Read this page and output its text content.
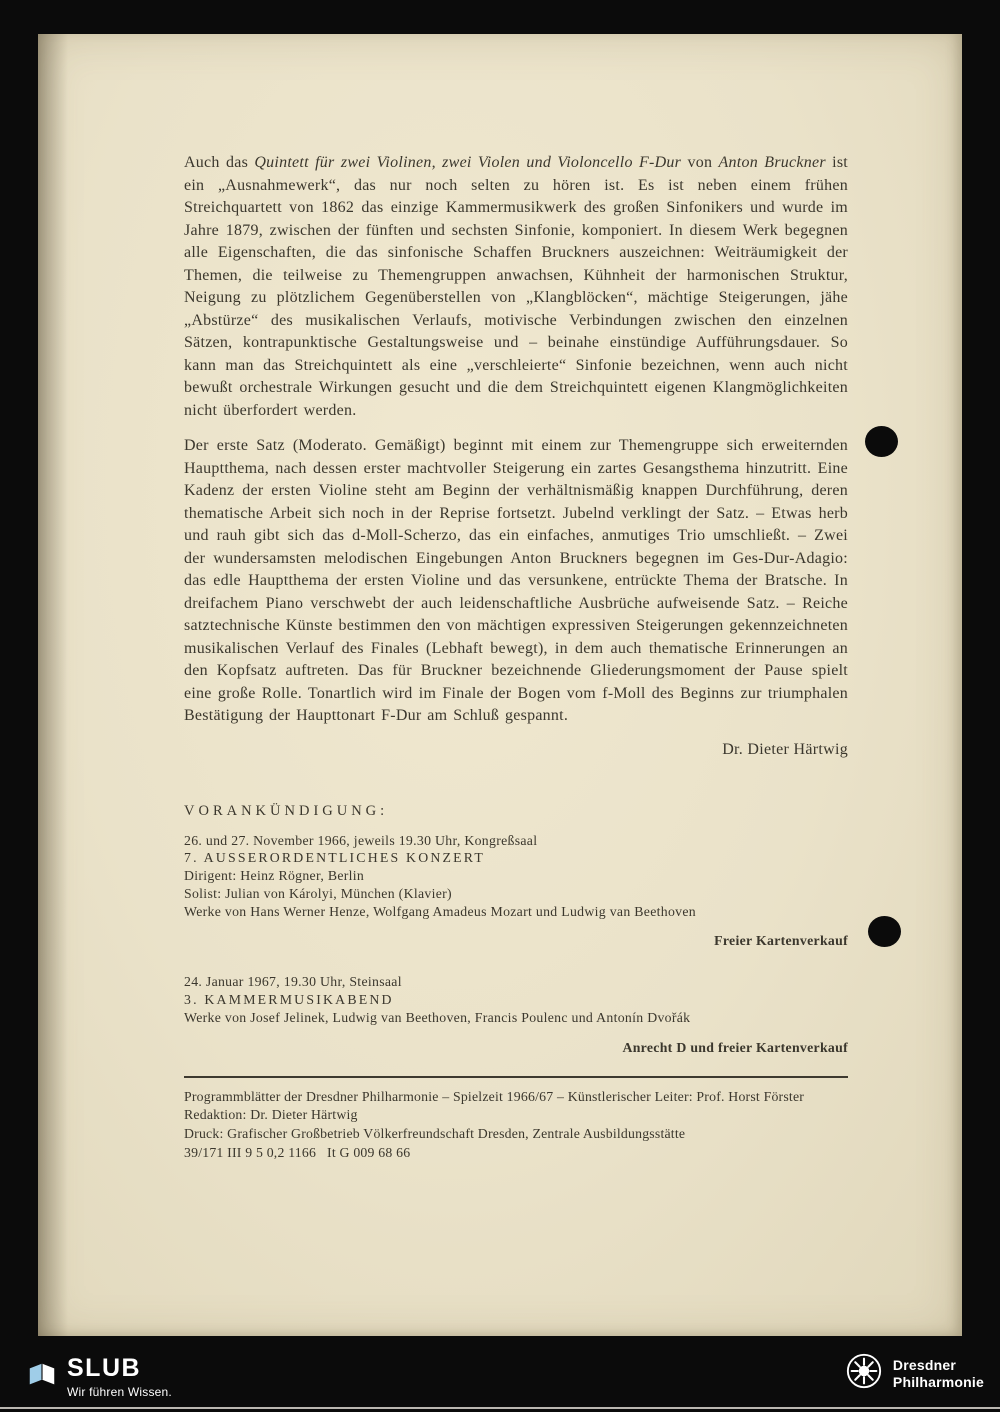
Auch das Quintett für zwei Violinen, zwei Violen und Violoncello F-Dur von Anton Bruckner ist ein „Ausnahmewerk“, das nur noch selten zu hören ist. Es ist neben einem frühen Streichquartett von 1862 das einzige Kammermusikwerk des großen Sinfonikers und wurde im Jahre 1879, zwischen der fünften und sechsten Sinfonie, komponiert. In diesem Werk begegnen alle Eigenschaften, die das sinfonische Schaffen Bruckners auszeichnen: Weiträumigkeit der Themen, die teilweise zu Themengruppen anwachsen, Kühnheit der harmonischen Struktur, Neigung zu plötzlichem Gegenüberstellen von „Klangblöcken“, mächtige Steigerungen, jähe „Abstürze“ des musikalischen Verlaufs, motivische Verbindungen zwischen den einzelnen Sätzen, kontrapunktische Gestaltungsweise und – beinahe einstündige Aufführungsdauer. So kann man das Streichquintett als eine „verschleierte“ Sinfonie bezeichnen, wenn auch nicht bewußt orchestrale Wirkungen gesucht und die dem Streichquintett eigenen Klangmöglichkeiten nicht überfordert werden.

Der erste Satz (Moderato. Gemäßigt) beginnt mit einem zur Themengruppe sich erweiternden Hauptthema, nach dessen erster machtvoller Steigerung ein zartes Gesangsthema hinzutritt. Eine Kadenz der ersten Violine steht am Beginn der verhältnismäßig knappen Durchführung, deren thematische Arbeit sich noch in der Reprise fortsetzt. Jubelnd verklingt der Satz. – Etwas herb und rauh gibt sich das d-Moll-Scherzo, das ein einfaches, anmutiges Trio umschließt. – Zwei der wundersamsten melodischen Eingebungen Anton Bruckners begegnen im Ges-Dur-Adagio: das edle Hauptthema der ersten Violine und das versunkene, entrückte Thema der Bratsche. In dreifachem Piano verschwebt der auch leidenschaftliche Ausbrüche aufweisende Satz. – Reiche satztechnische Künste bestimmen den von mächtigen expressiven Steigerungen gekennzeichneten musikalischen Verlauf des Finales (Lebhaft bewegt), in dem auch thematische Erinnerungen an den Kopfsatz auftreten. Das für Bruckner bezeichnende Gliederungsmoment der Pause spielt eine große Rolle. Tonartlich wird im Finale der Bogen vom f-Moll des Beginns zur triumphalen Bestätigung der Haupttonart F-Dur am Schluß gespannt.

Dr. Dieter Härtwig
VORANKÜNDIGUNG:
26. und 27. November 1966, jeweils 19.30 Uhr, Kongreßsaal
7. AUSSERORDENTLICHES KONZERT
Dirigent: Heinz Rögner, Berlin
Solist: Julian von Károlyi, München (Klavier)
Werke von Hans Werner Henze, Wolfgang Amadeus Mozart und Ludwig van Beethoven
Freier Kartenverkauf
24. Januar 1967, 19.30 Uhr, Steinsaal
3. KAMMERMUSIKABEND
Werke von Josef Jelinek, Ludwig van Beethoven, Francis Poulenc und Antonín Dvořák
Anrecht D und freier Kartenverkauf
Programmblätter der Dresdner Philharmonie – Spielzeit 1966/67 – Künstlerischer Leiter: Prof. Horst Förster
Redaktion: Dr. Dieter Härtwig
Druck: Grafischer Großbetrieb Völkerfreundschaft Dresden, Zentrale Ausbildungsstätte
39/171 III 9 5 0,2 1166   It G 009 68 66
SLUB
Wir führen Wissen.
Dresdner
Philharmonie
